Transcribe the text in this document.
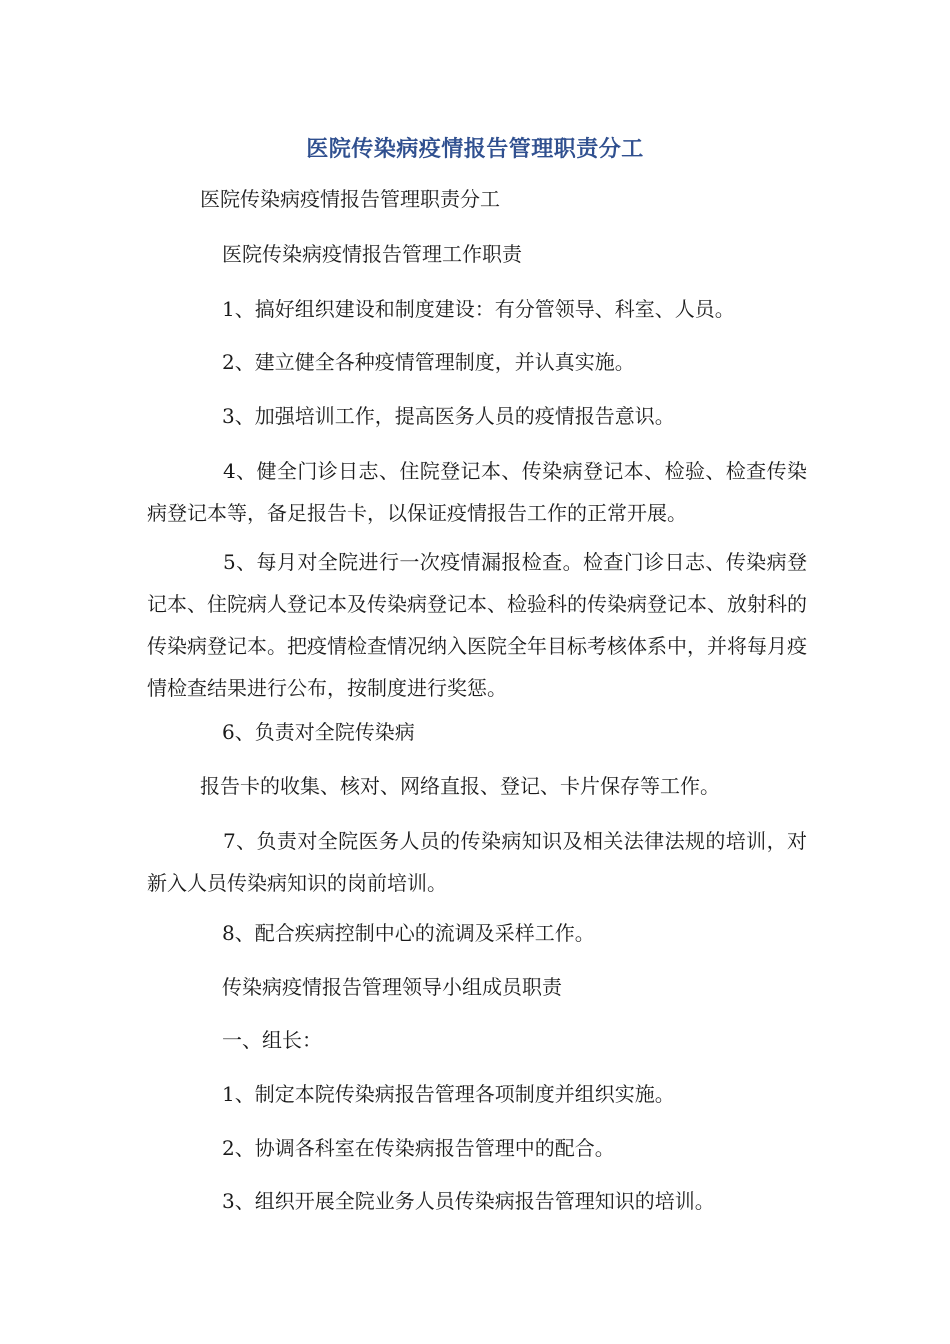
医院传染病疫情报告管理职责分工

医院传染病疫情报告管理职责分工

医院传染病疫情报告管理工作职责

1、搞好组织建设和制度建设：有分管领导、科室、人员。

2、建立健全各种疫情管理制度，并认真实施。

3、加强培训工作，提高医务人员的疫情报告意识。

4、健全门诊日志、住院登记本、传染病登记本、检验、检查传染病登记本等，备足报告卡，以保证疫情报告工作的正常开展。

5、每月对全院进行一次疫情漏报检查。检查门诊日志、传染病登记本、住院病人登记本及传染病登记本、检验科的传染病登记本、放射科的传染病登记本。把疫情检查情况纳入医院全年目标考核体系中，并将每月疫情检查结果进行公布，按制度进行奖惩。

6、负责对全院传染病

报告卡的收集、核对、网络直报、登记、卡片保存等工作。

7、负责对全院医务人员的传染病知识及相关法律法规的培训，对新入人员传染病知识的岗前培训。

8、配合疾病控制中心的流调及采样工作。

传染病疫情报告管理领导小组成员职责

一、组长：

1、制定本院传染病报告管理各项制度并组织实施。

2、协调各科室在传染病报告管理中的配合。

3、组织开展全院业务人员传染病报告管理知识的培训。
